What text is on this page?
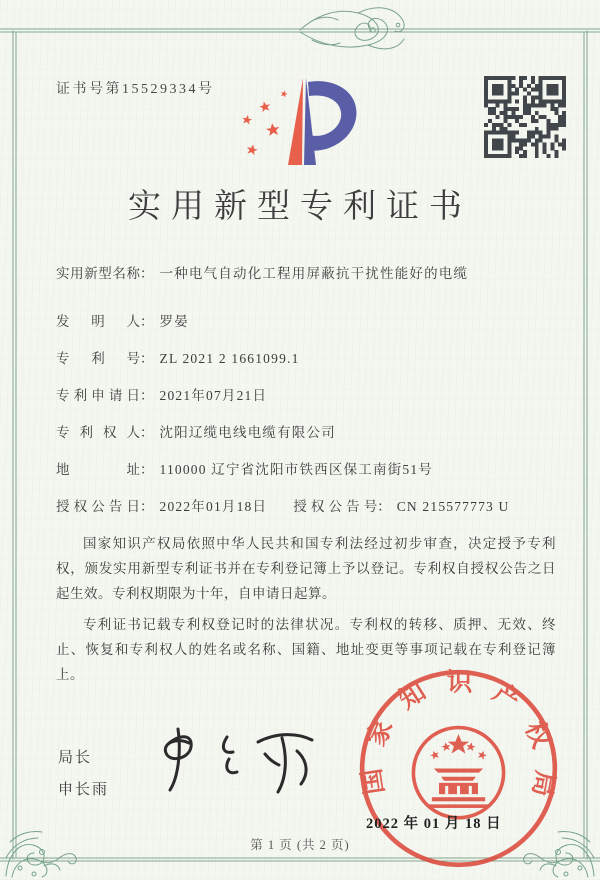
证书号第15529334号
实用新型专利证书
实用新型名称： 一种电气自动化工程用屏蔽抗干扰性能好的电缆
发明人： 罗晏
专利号： ZL 2021 2 1661099.1
专利申请日： 2021年07月21日
专利权人： 沈阳辽缆电线电缆有限公司
地址： 110000 辽宁省沈阳市铁西区保工南街51号
授权公告日： 2022年01月18日 授权公告号： CN 215577773 U

国家知识产权局依照中华人民共和国专利法经过初步审查，决定授予专利权，颁发实用新型专利证书并在专利登记簿上予以登记。专利权自授权公告之日起生效。专利权期限为十年，自申请日起算。

专利证书记载专利权登记时的法律状况。专利权的转移、质押、无效、终止、恢复和专利权人的姓名或名称、国籍、地址变更等事项记载在专利登记簿上。

局长
申长雨	国家知识产权局
2022 年 01 月 18 日
第 1 页 (共 2 页)
